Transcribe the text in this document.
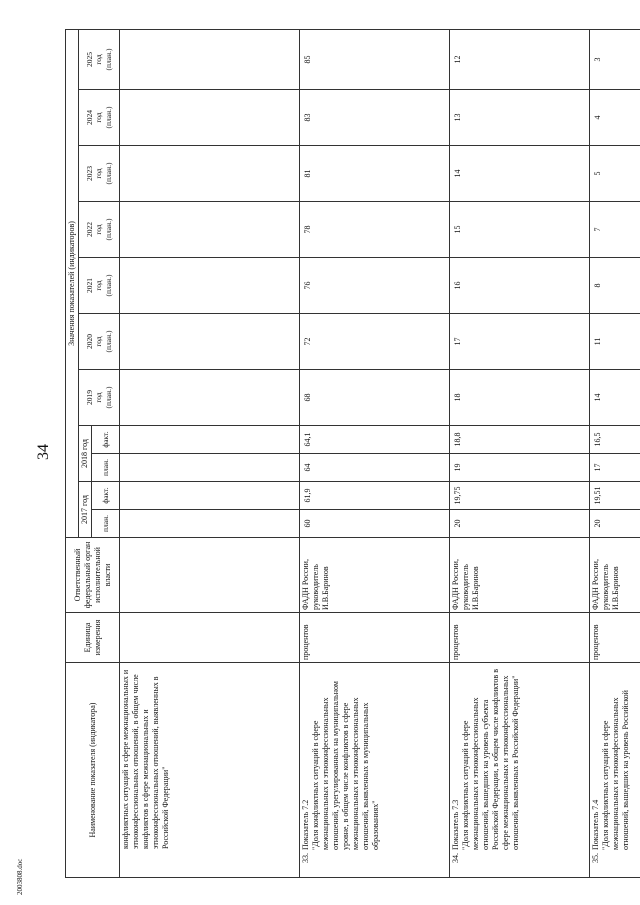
34
2003808.doc
Наименование показателя (индикатора)	Единица измерения	Ответственный федеральный орган исполнительной власти	Значения показателей (индикаторов)										
			2017 год		2018 год		2019
год
(план.)	2020
год
(план.)	2021
год
(план.)	2022
год
(план.)	2023
год
(план.)	2024
год
(план.)	2025
год
(план.)
			план.	факт.	план.	факт.							

конфликтных ситуаций в сфере межнациональных и этноконфессиональных отношений, в общем числе конфликтов в сфере межнациональных и этноконфессиональных отношений, выявленных в Российской Федерации"													

33.
Показатель 7.2 "Доля конфликтных ситуаций в сфере межнациональных и этноконфессиональных отношений, урегулированных на муниципальном уровне, в общем числе конфликтов в сфере межнациональных и этноконфессиональных отношений, выявленных в муниципальных образованиях"	процентов	ФАДН России, руководитель И.В.Баринов	60	61,9	64	64,1	68	72	76	78	81	83	85

34.
Показатель 7.3 "Доля конфликтных ситуаций в сфере межнациональных и этноконфессиональных отношений, вышедших на уровень субъекта Российской Федерации, в общем числе конфликтов в сфере межнациональных и этноконфессиональных отношений, выявленных в Российской Федерации"	процентов	ФАДН России, руководитель И.В.Баринов	20	19,75	19	18,8	18	17	16	15	14	13	12

35.
Показатель 7.4 "Доля конфликтных ситуаций в сфере межнациональных и этноконфессиональных отношений, вышедших на уровень Российской	процентов	ФАДН России, руководитель И.В.Баринов	20	19,51	17	16,5	14	11	8	7	5	4	3
